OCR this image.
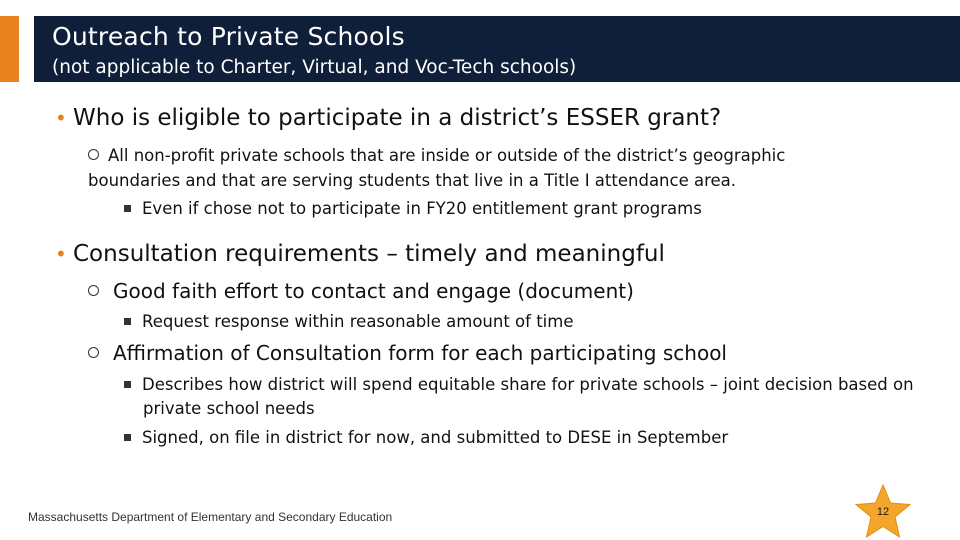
Outreach to Private Schools
(not applicable to Charter, Virtual, and Voc-Tech schools)
• Who is eligible to participate in a district’s ESSER grant?
All non-profit private schools that are inside or outside of the district’s geographic boundaries and that are serving students that live in a Title I attendance area.
Even if chose not to participate in FY20 entitlement grant programs
• Consultation requirements – timely and meaningful
Good faith effort to contact and engage (document)
Request response within reasonable amount of time
Affirmation of Consultation form for each participating school
Describes how district will spend equitable share for private schools – joint decision based on private school needs
Signed, on file in district for now, and submitted to DESE in September
Massachusetts Department of Elementary and Secondary Education	12
